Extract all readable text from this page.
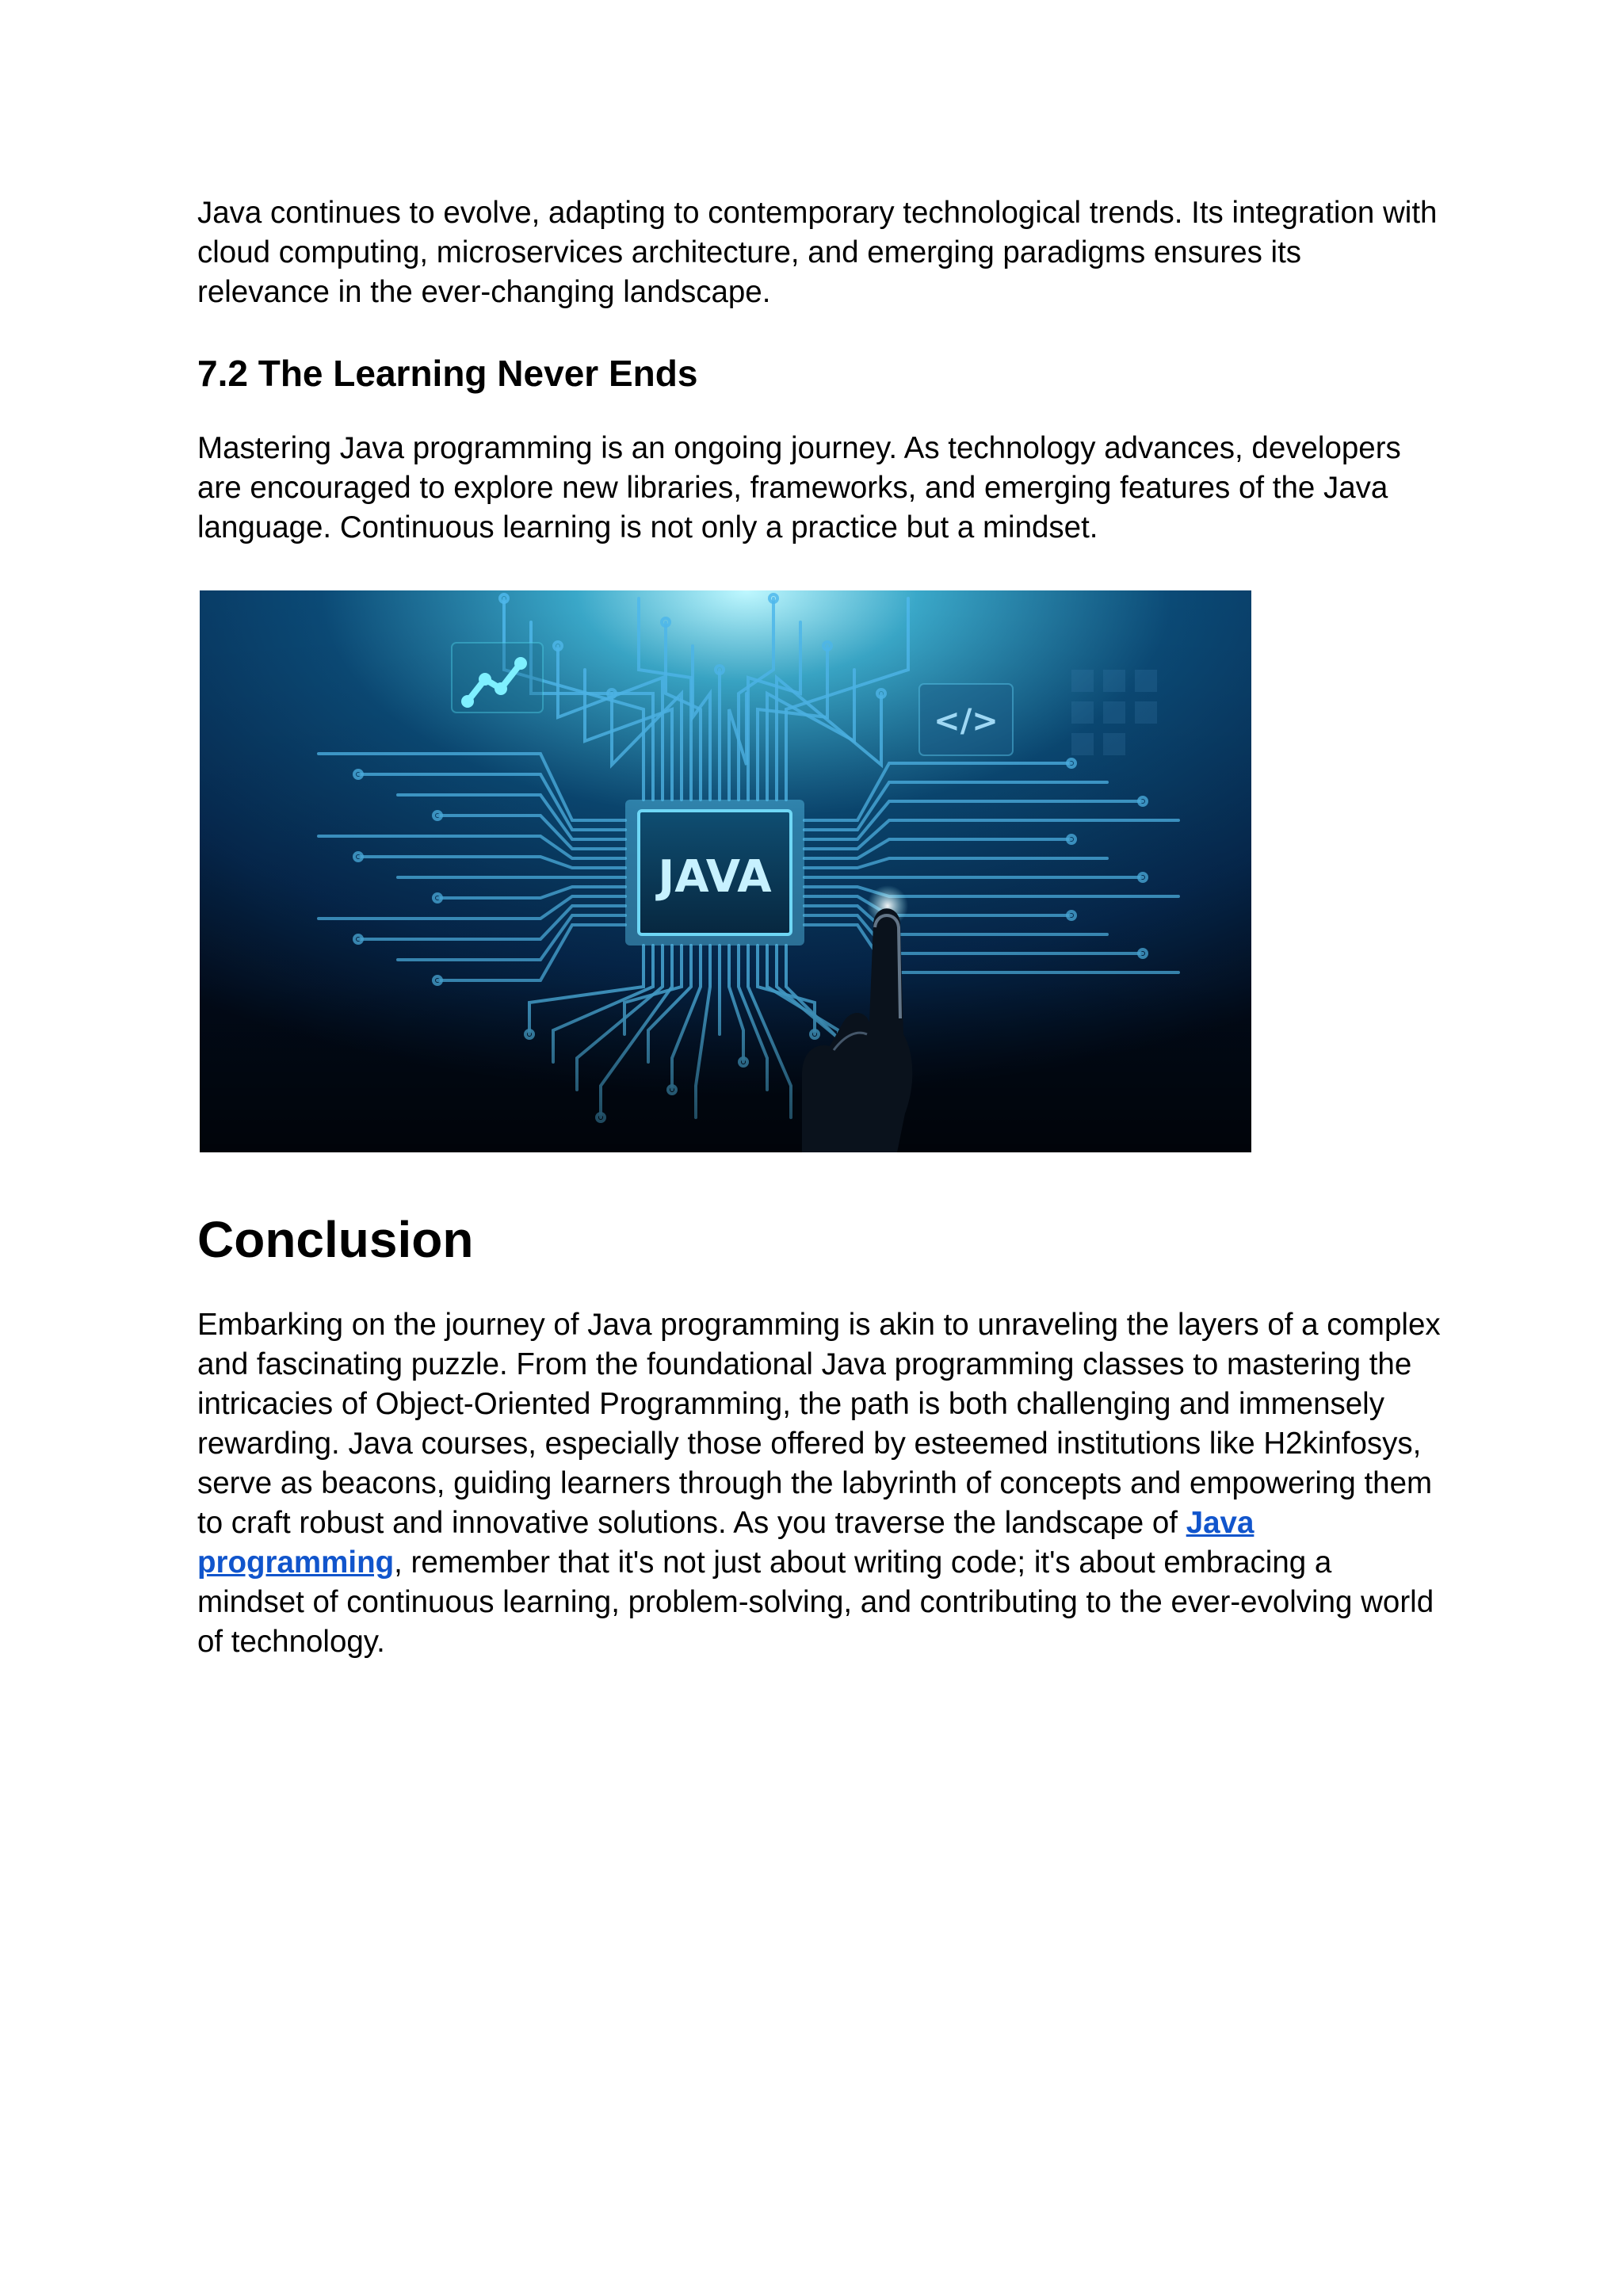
Java continues to evolve, adapting to contemporary technological trends. Its integration with cloud computing, microservices architecture, and emerging paradigms ensures its relevance in the ever-changing landscape.

7.2 The Learning Never Ends

Mastering Java programming is an ongoing journey. As technology advances, developers are encouraged to explore new libraries, frameworks, and emerging features of the Java language. Continuous learning is not only a practice but a mindset.

</>
JAVA
Conclusion

Embarking on the journey of Java programming is akin to unraveling the layers of a complex and fascinating puzzle. From the foundational Java programming classes to mastering the intricacies of Object-Oriented Programming, the path is both challenging and immensely rewarding. Java courses, especially those offered by esteemed institutions like H2kinfosys, serve as beacons, guiding learners through the labyrinth of concepts and empowering them to craft robust and innovative solutions. As you traverse the landscape of Java programming, remember that it's not just about writing code; it's about embracing a mindset of continuous learning, problem-solving, and contributing to the ever-evolving world of technology.
